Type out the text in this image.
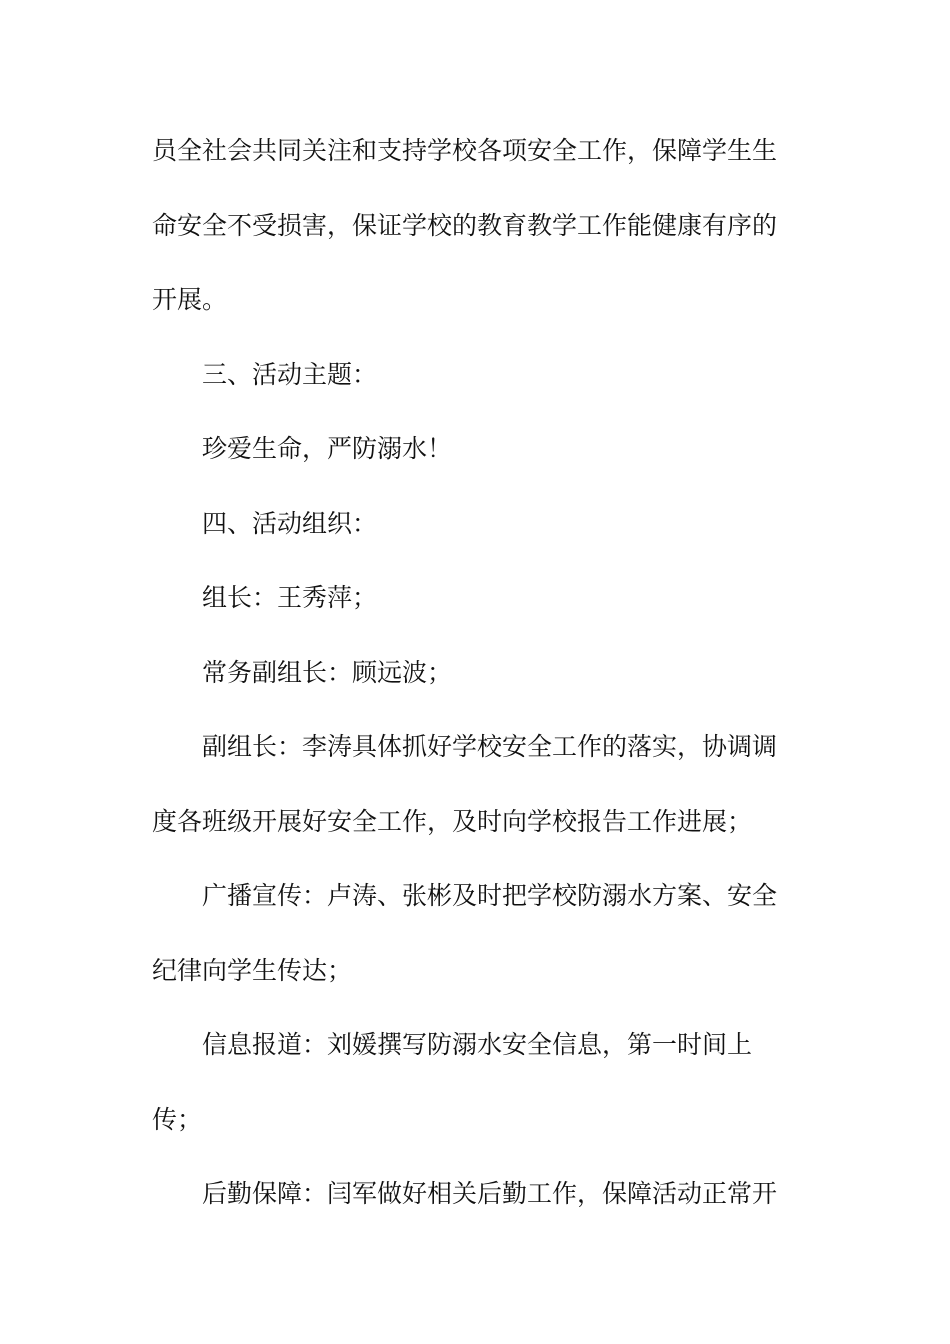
员全社会共同关注和支持学校各项安全工作，保障学生生
命安全不受损害，保证学校的教育教学工作能健康有序的
开展。
三、活动主题：
珍爱生命，严防溺水！
四、活动组织：
组长：王秀萍；
常务副组长：顾远波；
副组长：李涛具体抓好学校安全工作的落实，协调调
度各班级开展好安全工作，及时向学校报告工作进展；
广播宣传：卢涛、张彬及时把学校防溺水方案、安全
纪律向学生传达；
信息报道：刘媛撰写防溺水安全信息，第一时间上
传；
后勤保障：闫军做好相关后勤工作，保障活动正常开
